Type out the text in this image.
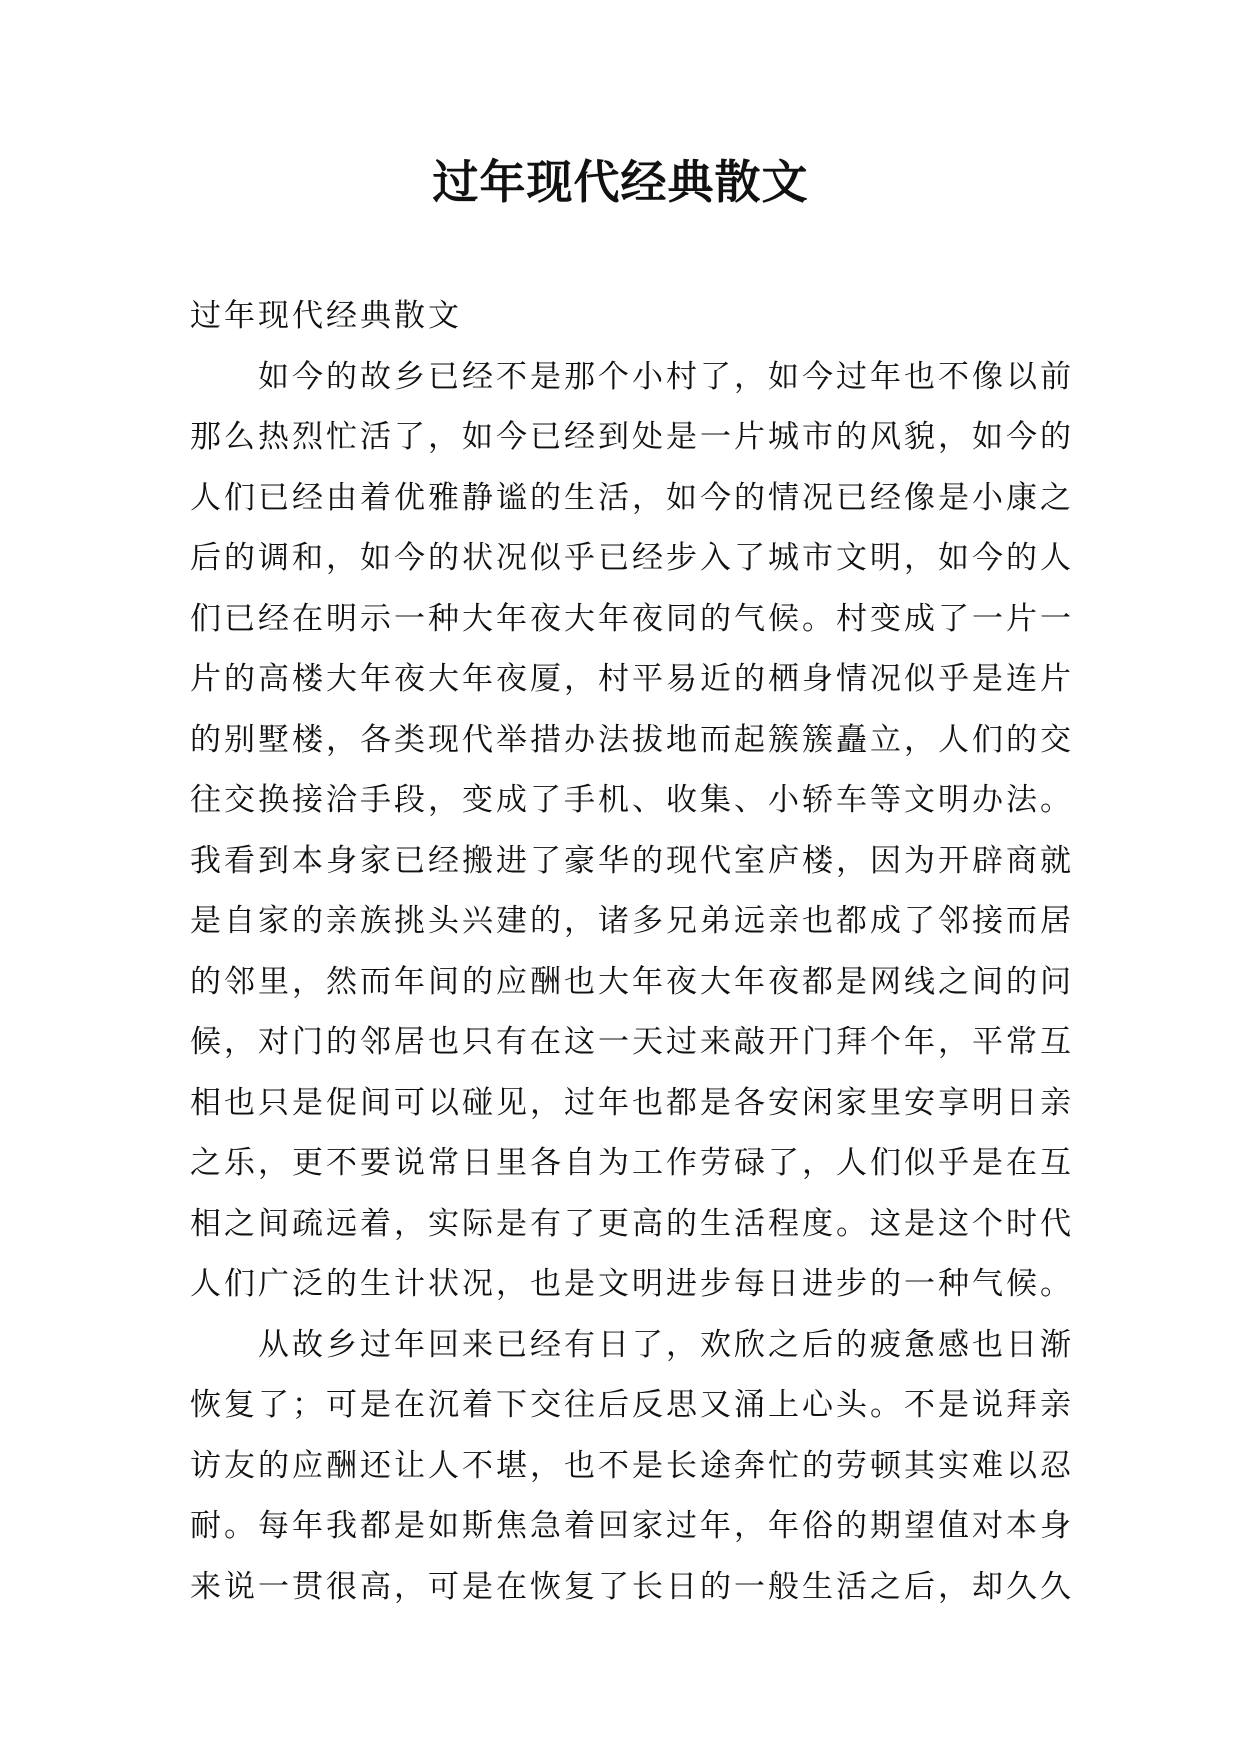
过年现代经典散文
过年现代经典散文
如今的故乡已经不是那个小村了，如今过年也不像以前
那么热烈忙活了，如今已经到处是一片城市的风貌，如今的
人们已经由着优雅静谧的生活，如今的情况已经像是小康之
后的调和，如今的状况似乎已经步入了城市文明，如今的人
们已经在明示一种大年夜大年夜同的气候。村变成了一片一
片的高楼大年夜大年夜厦，村平易近的栖身情况似乎是连片
的别墅楼，各类现代举措办法拔地而起簇簇矗立，人们的交
往交换接洽手段，变成了手机、收集、小轿车等文明办法。
我看到本身家已经搬进了豪华的现代室庐楼，因为开辟商就
是自家的亲族挑头兴建的，诸多兄弟远亲也都成了邻接而居
的邻里，然而年间的应酬也大年夜大年夜都是网线之间的问
候，对门的邻居也只有在这一天过来敲开门拜个年，平常互
相也只是促间可以碰见，过年也都是各安闲家里安享明日亲
之乐，更不要说常日里各自为工作劳碌了，人们似乎是在互
相之间疏远着，实际是有了更高的生活程度。这是这个时代
人们广泛的生计状况，也是文明进步每日进步的一种气候。
从故乡过年回来已经有日了，欢欣之后的疲惫感也日渐
恢复了；可是在沉着下交往后反思又涌上心头。不是说拜亲
访友的应酬还让人不堪，也不是长途奔忙的劳顿其实难以忍
耐。每年我都是如斯焦急着回家过年，年俗的期望值对本身
来说一贯很高，可是在恢复了长日的一般生活之后，却久久
